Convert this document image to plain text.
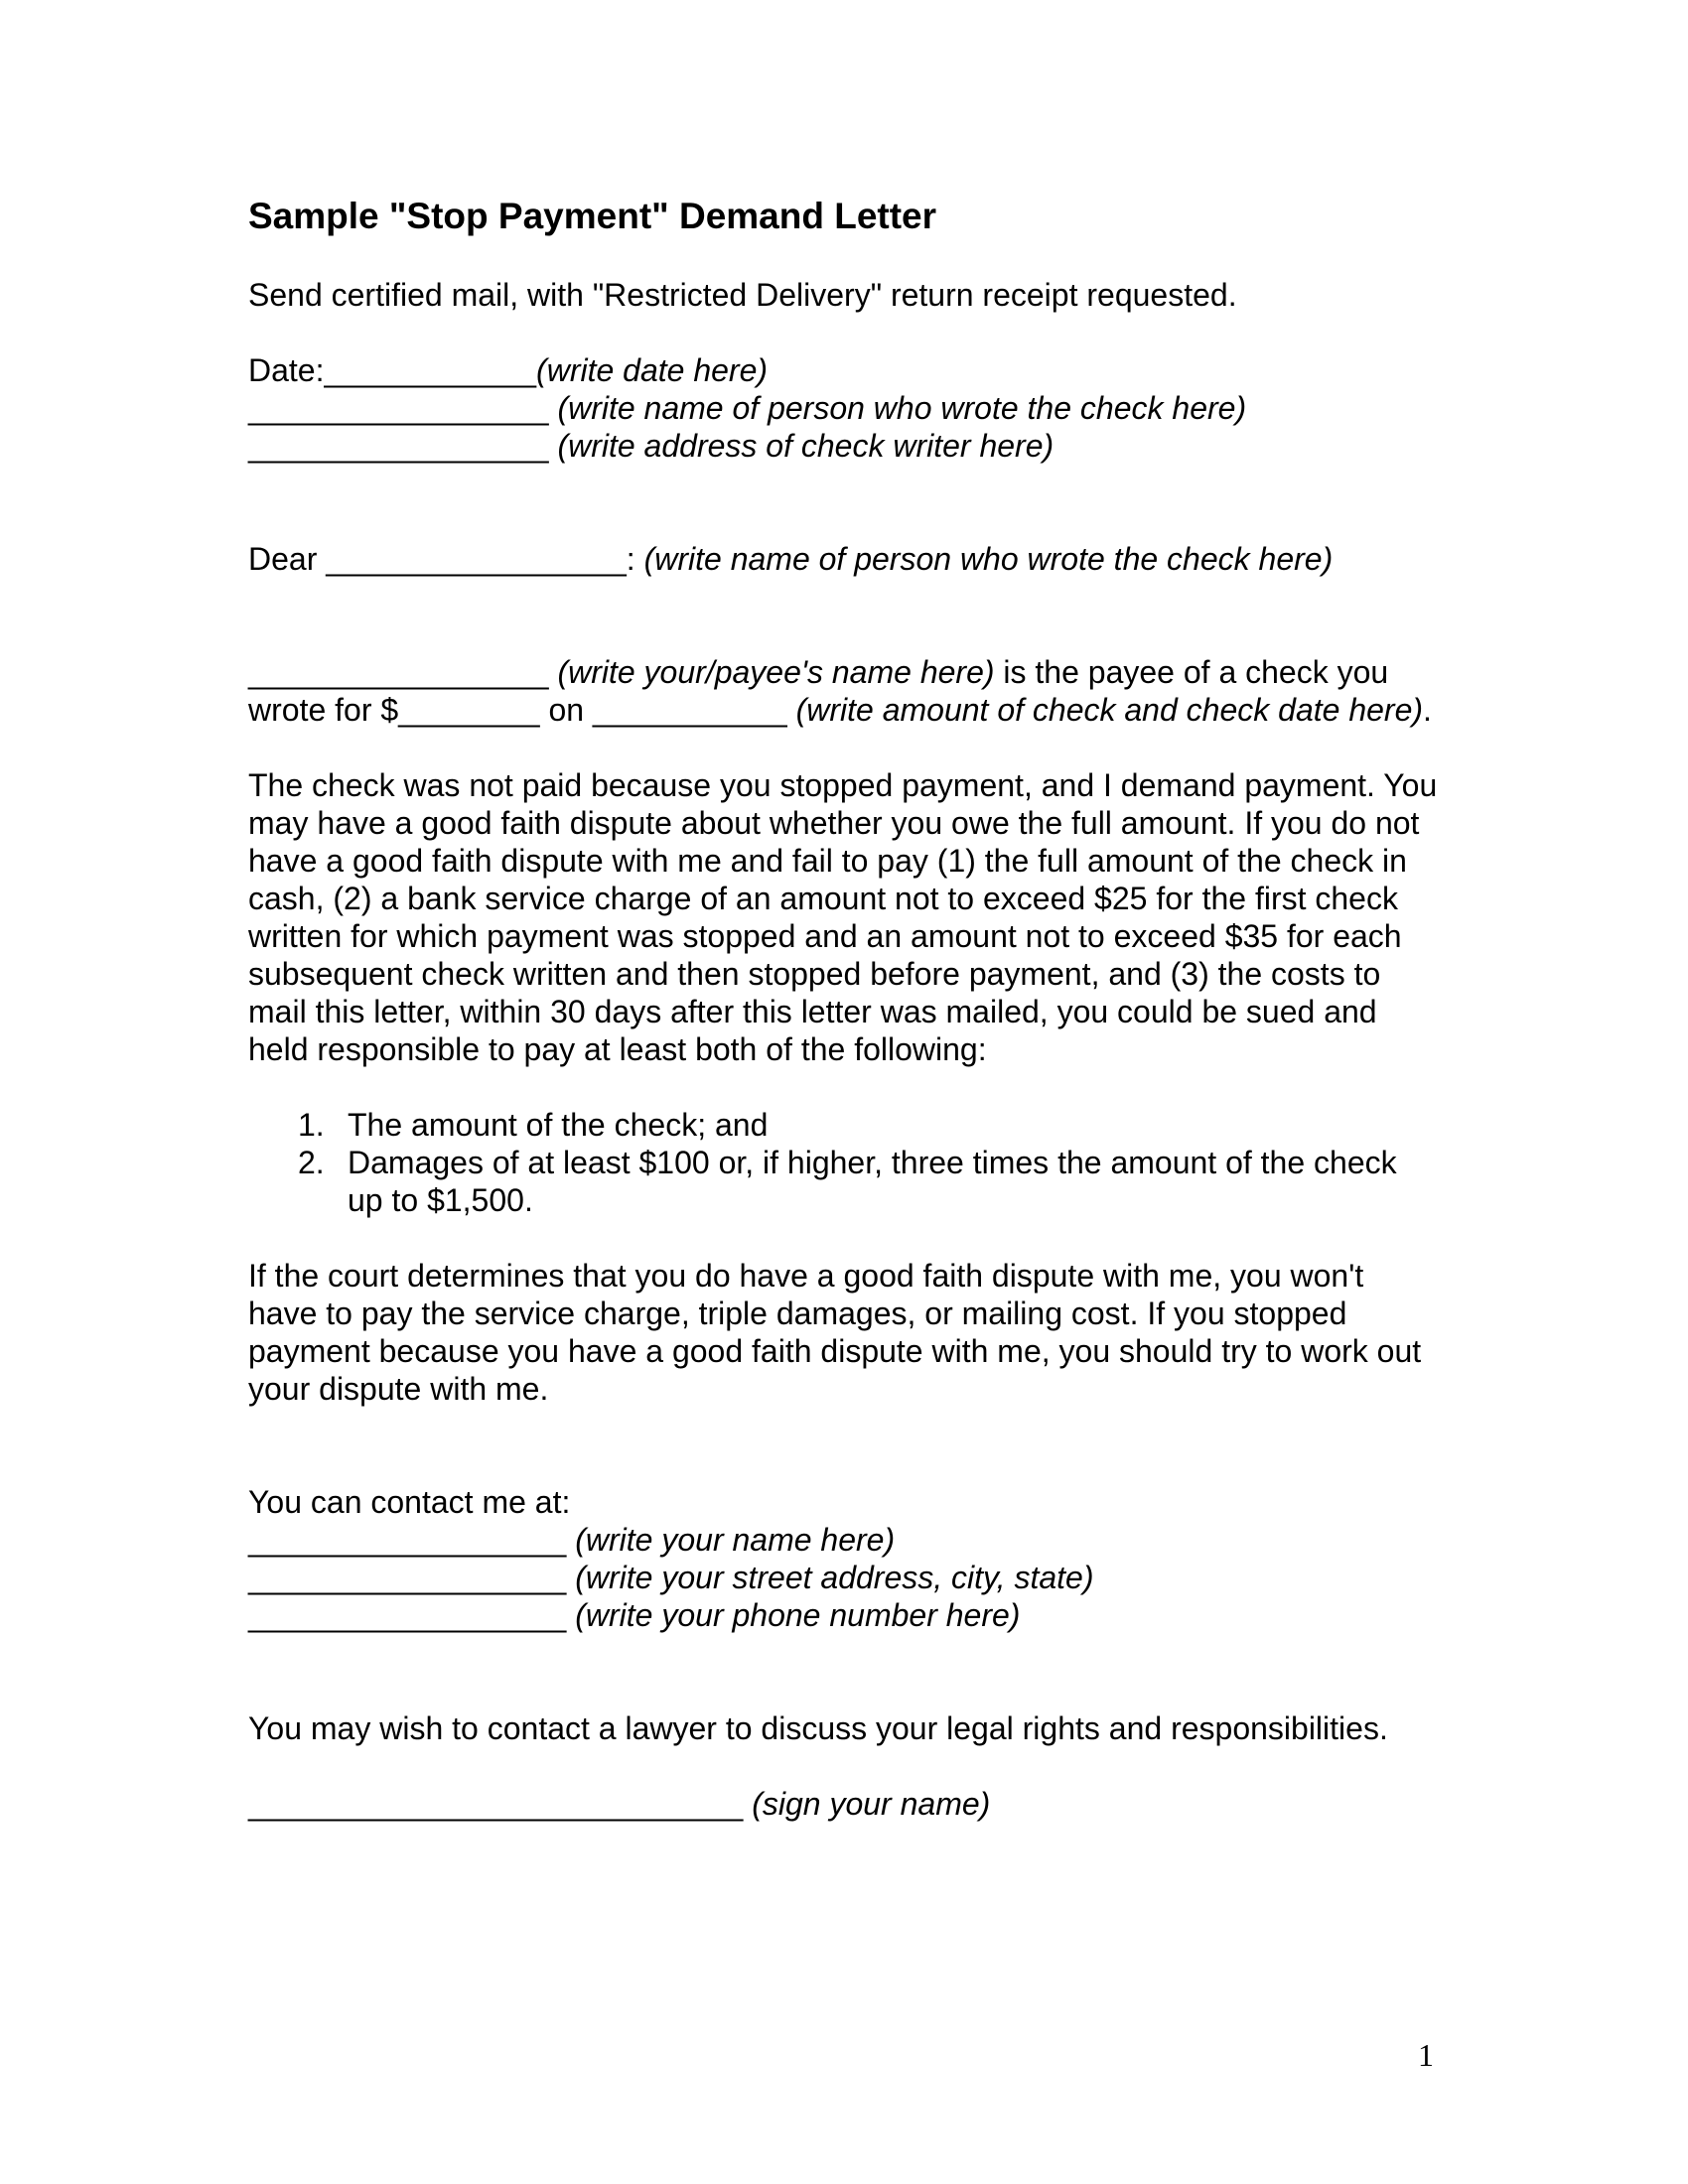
Sample "Stop Payment" Demand Letter

Send certified mail, with "Restricted Delivery" return receipt requested.

Date:____________(write date here)

_________________ (write name of person who wrote the check here)

_________________ (write address of check writer here)

Dear _________________: (write name of person who wrote the check here)

_________________ (write your/payee's name here) is the payee of a check you wrote for $________ on ___________ (write amount of check and check date here).

The check was not paid because you stopped payment, and I demand payment. You may have a good faith dispute about whether you owe the full amount. If you do not have a good faith dispute with me and fail to pay (1) the full amount of the check in cash, (2) a bank service charge of an amount not to exceed $25 for the first check written for which payment was stopped and an amount not to exceed $35 for each subsequent check written and then stopped before payment, and (3) the costs to mail this letter, within 30 days after this letter was mailed, you could be sued and held responsible to pay at least both of the following:

1. The amount of the check; and
2. Damages of at least $100 or, if higher, three times the amount of the check up to $1,500.

If the court determines that you do have a good faith dispute with me, you won't have to pay the service charge, triple damages, or mailing cost. If you stopped payment because you have a good faith dispute with me, you should try to work out your dispute with me.

You can contact me at:

__________________ (write your name here)

__________________ (write your street address, city, state)

__________________ (write your phone number here)

You may wish to contact a lawyer to discuss your legal rights and responsibilities.

____________________________ (sign your name)

1
